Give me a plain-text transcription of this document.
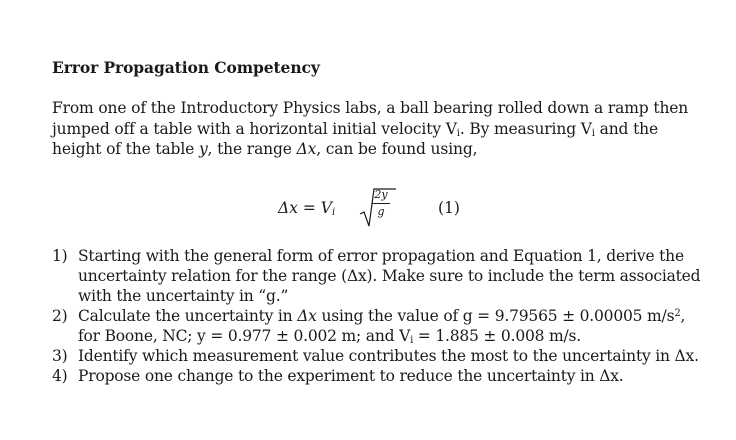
Error Propagation Competency
From one of the Introductory Physics labs, a ball bearing rolled down a ramp then
jumped off a table with a horizontal initial velocity $V_i$. By measuring $V_i$ and the
height of the table y, the range Δx, can be found using,
$\Delta x = V_i$
2y
g	(1)
1) Starting with the general form of error propagation and Equation 1, derive the uncertainty relation for the range (Δx). Make sure to include the term associated with the uncertainty in “g.”
2) Calculate the uncertainty in Δx using the value of g = 9.79565 ± 0.00005 $m/s^2$, for Boone, NC; y = 0.977 ± 0.002 m; and $V_i = 1.885 \pm 0.008$ m/s.
3) Identify which measurement value contributes the most to the uncertainty in Δx.
4) Propose one change to the experiment to reduce the uncertainty in Δx.
